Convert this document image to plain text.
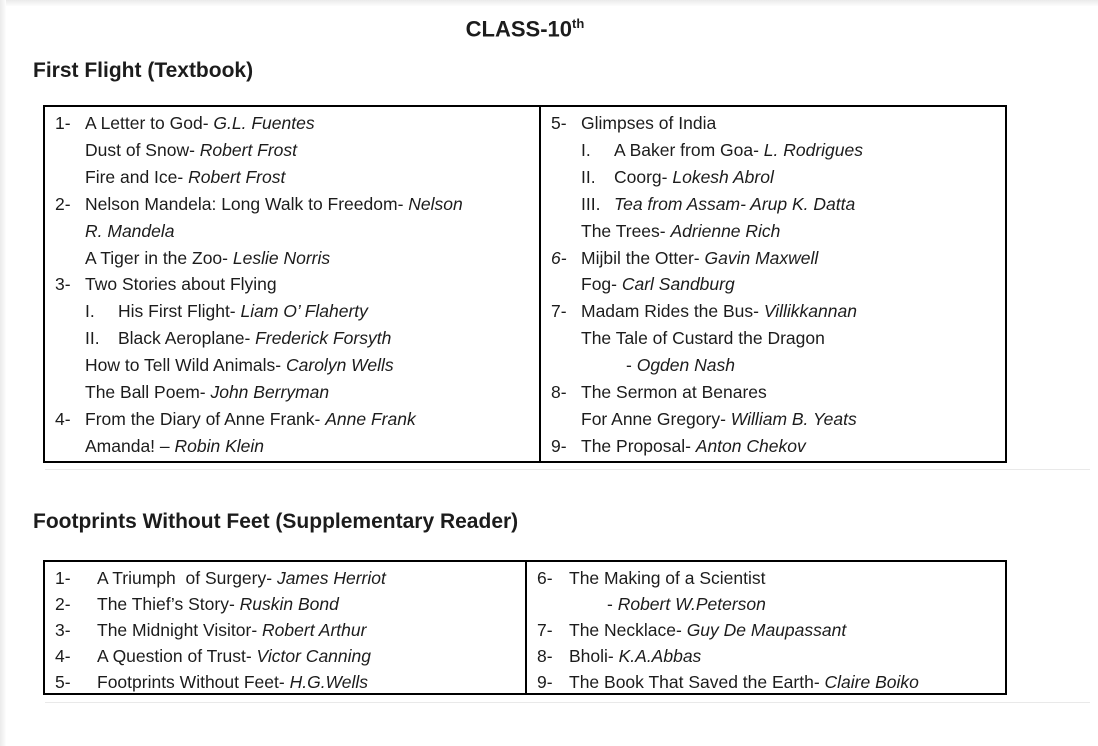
CLASS-10th
First Flight (Textbook)
1- A Letter to God- G.L. Fuentes
Dust of Snow- Robert Frost
Fire and Ice- Robert Frost
2- Nelson Mandela: Long Walk to Freedom- Nelson
R. Mandela
A Tiger in the Zoo- Leslie Norris
3- Two Stories about Flying
I. His First Flight- Liam O’ Flaherty
II. Black Aeroplane- Frederick Forsyth
How to Tell Wild Animals- Carolyn Wells
The Ball Poem- John Berryman
4- From the Diary of Anne Frank- Anne Frank
Amanda! – Robin Klein
5- Glimpses of India
I. A Baker from Goa- L. Rodrigues
II. Coorg- Lokesh Abrol
III. Tea from Assam- Arup K. Datta
The Trees- Adrienne Rich
6- Mijbil the Otter- Gavin Maxwell
Fog- Carl Sandburg
7- Madam Rides the Bus- Villikkannan
The Tale of Custard the Dragon
- Ogden Nash
8- The Sermon at Benares
For Anne Gregory- William B. Yeats
9- The Proposal- Anton Chekov
Footprints Without Feet (Supplementary Reader)
1-	A Triumph  of Surgery- James Herriot
2-	The Thief’s Story- Ruskin Bond
3-	The Midnight Visitor- Robert Arthur
4-	A Question of Trust- Victor Canning
5-	Footprints Without Feet- H.G.Wells
6- The Making of a Scientist
- Robert W.Peterson
7- The Necklace- Guy De Maupassant
8- Bholi- K.A.Abbas
9- The Book That Saved the Earth- Claire Boiko
